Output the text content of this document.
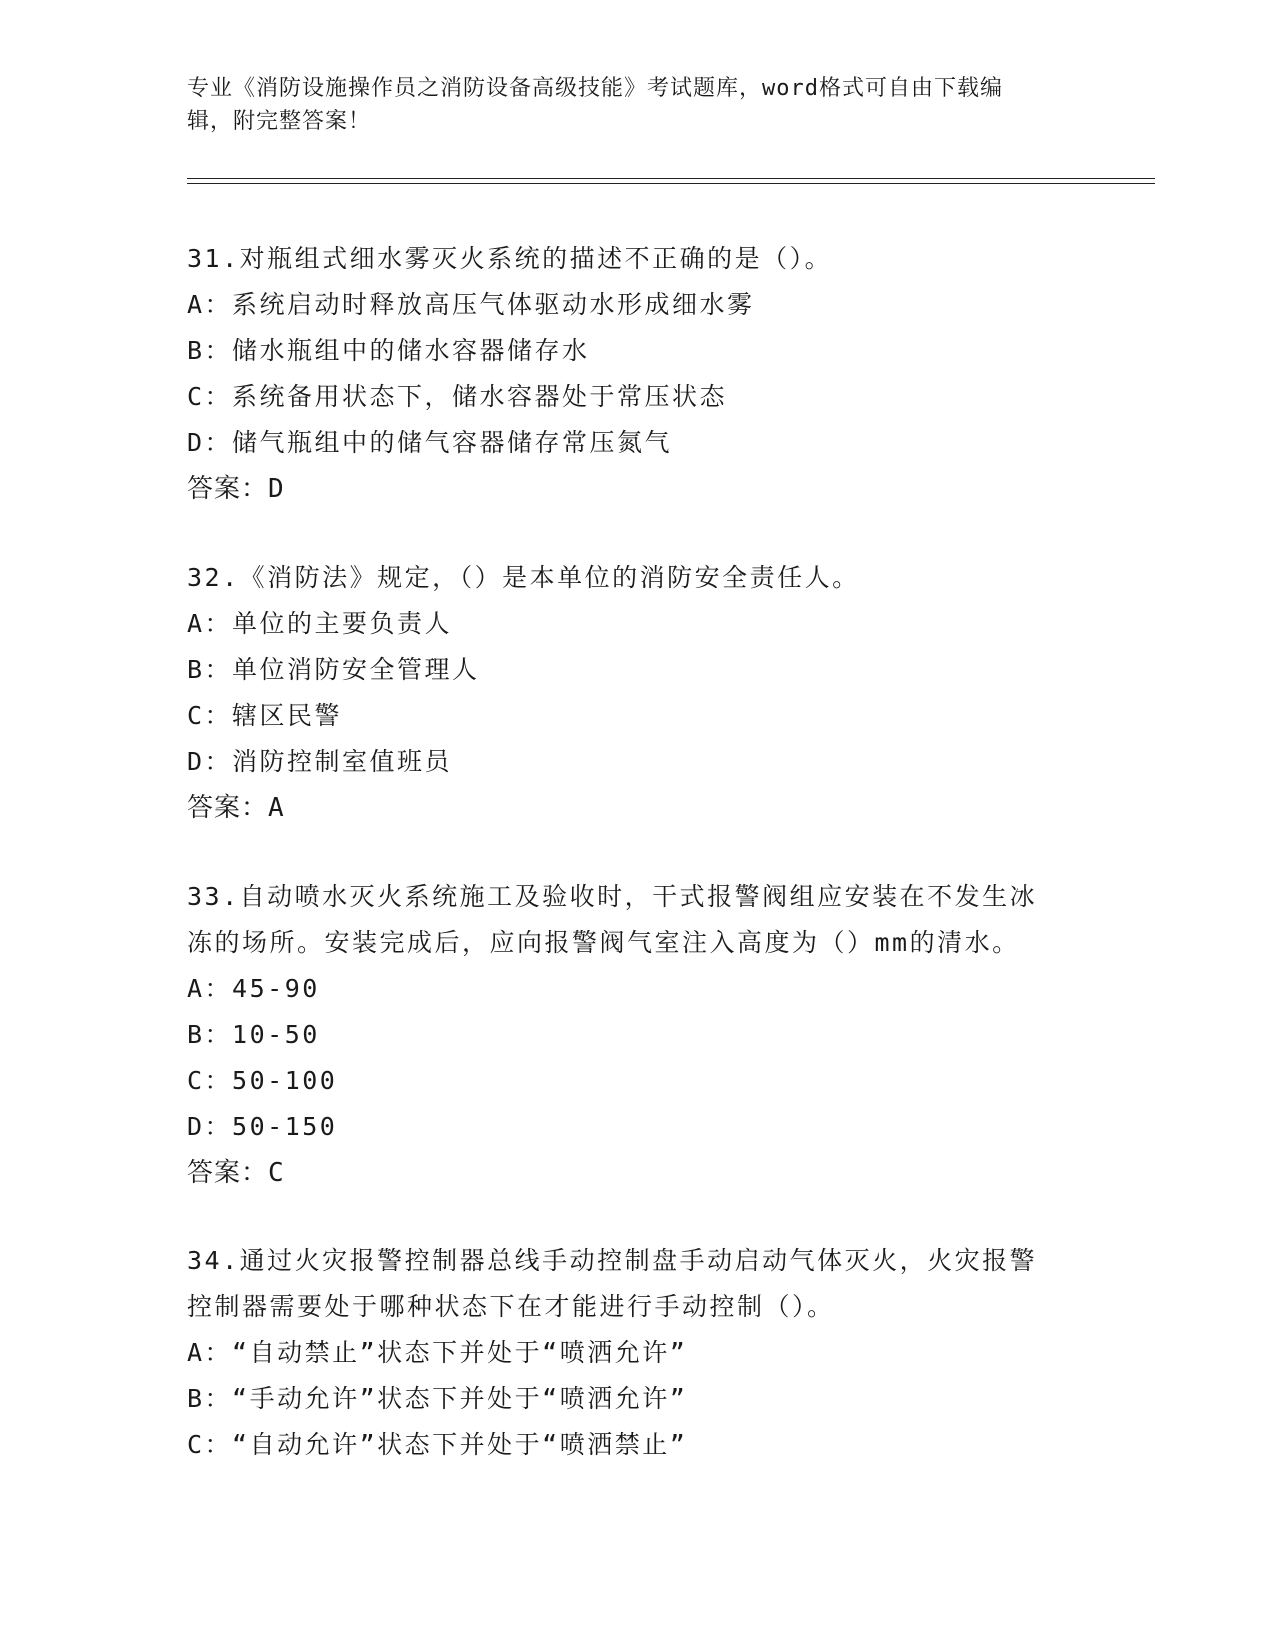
专业《消防设施操作员之消防设备高级技能》考试题库，word格式可自由下载编
辑，附完整答案！
31.对瓶组式细水雾灭火系统的描述不正确的是（）。
A：系统启动时释放高压气体驱动水形成细水雾
B：储水瓶组中的储水容器储存水
C：系统备用状态下，储水容器处于常压状态
D：储气瓶组中的储气容器储存常压氮气
答案：D
32.《消防法》规定，（）是本单位的消防安全责任人。
A：单位的主要负责人
B：单位消防安全管理人
C：辖区民警
D：消防控制室值班员
答案：A
33.自动喷水灭火系统施工及验收时，干式报警阀组应安装在不发生冰
冻的场所。安装完成后，应向报警阀气室注入高度为（）mm的清水。
A：45-90
B：10-50
C：50-100
D：50-150
答案：C
34.通过火灾报警控制器总线手动控制盘手动启动气体灭火，火灾报警
控制器需要处于哪种状态下在才能进行手动控制（）。
A：“自动禁止”状态下并处于“喷洒允许”
B：“手动允许”状态下并处于“喷洒允许”
C：“自动允许”状态下并处于“喷洒禁止”
